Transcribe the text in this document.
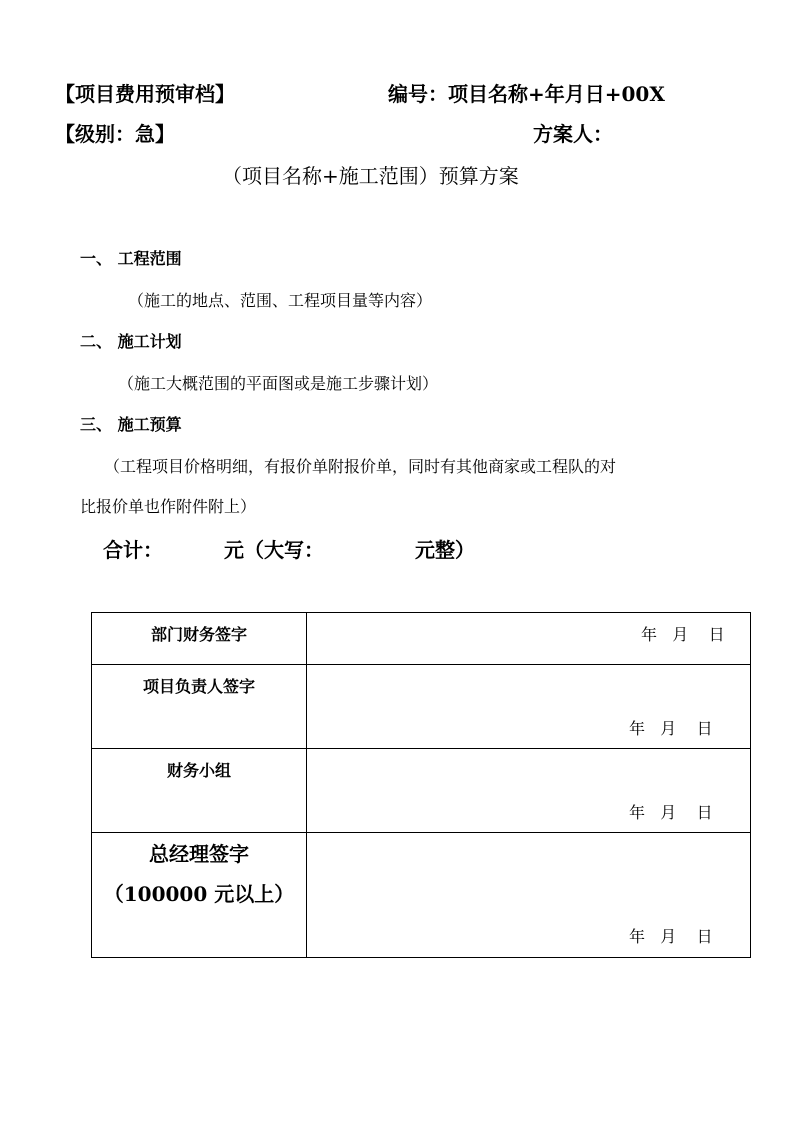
【项目费用预审档】	编号：项目名称+年月日+00X
【级别：急】	方案人：
（项目名称+施工范围）预算方案
一、 工程范围
（施工的地点、范围、工程项目量等内容）
二、 施工计划
（施工大概范围的平面图或是施工步骤计划）
三、 施工预算
（工程项目价格明细，有报价单附报价单，同时有其他商家或工程队的对
比报价单也作附件附上）
合计：	元（大写：	元整）
部门财务签字	年   月    日

项目负责人签字	年   月    日

财务小组	年   月    日

总经理签字
（100000 元以上）	年   月    日
